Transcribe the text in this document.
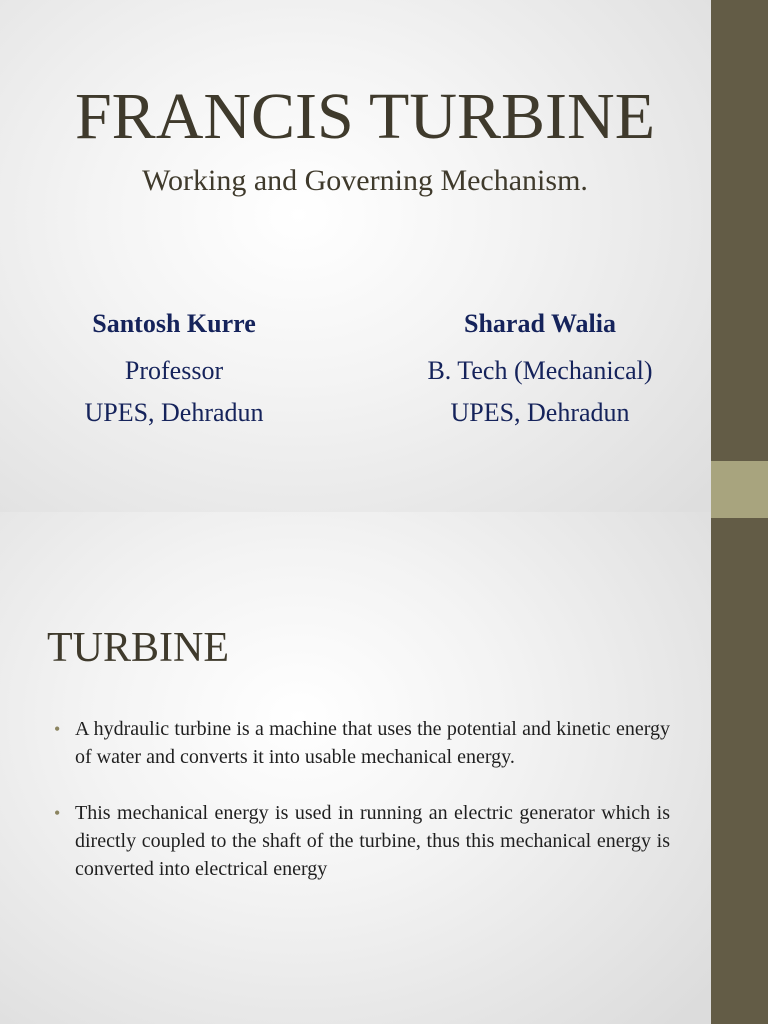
FRANCIS TURBINE
Working and Governing Mechanism.
Santosh Kurre
Professor
UPES, Dehradun
Sharad Walia
B. Tech (Mechanical)
UPES, Dehradun
TURBINE
• A hydraulic turbine is a machine that uses the potential and kinetic energy of water and converts it into usable mechanical energy.
• This mechanical energy is used in running an electric generator which is directly coupled to the shaft of the turbine, thus this mechanical energy is converted into electrical energy
